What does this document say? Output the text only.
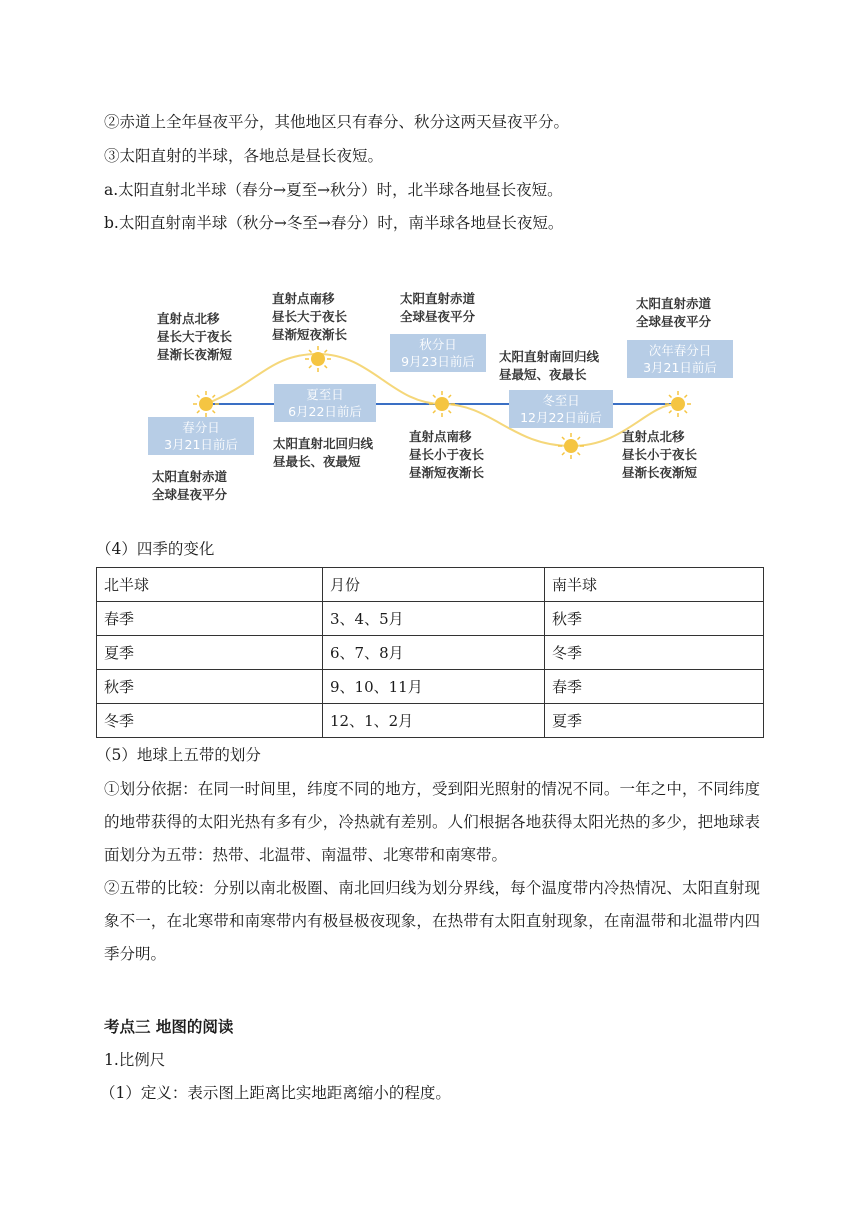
②赤道上全年昼夜平分，其他地区只有春分、秋分这两天昼夜平分。
③太阳直射的半球，各地总是昼长夜短。
a.太阳直射北半球（春分→夏至→秋分）时，北半球各地昼长夜短。
b.太阳直射南半球（秋分→冬至→春分）时，南半球各地昼长夜短。
春分日
3月21日前后
夏至日
6月22日前后
秋分日
9月23日前后
冬至日
12月22日前后
次年春分日
3月21日前后
直射点北移
昼长大于夜长
昼渐长夜渐短
直射点南移
昼长大于夜长
昼渐短夜渐长
太阳直射赤道
全球昼夜平分
太阳直射南回归线
昼最短、夜最长
太阳直射赤道
全球昼夜平分
太阳直射赤道
全球昼夜平分
太阳直射北回归线
昼最长、夜最短
直射点南移
昼长小于夜长
昼渐短夜渐长
直射点北移
昼长小于夜长
昼渐长夜渐短
（4）四季的变化
北半球	月份	南半球
春季	3、4、5月	秋季
夏季	6、7、8月	冬季
秋季	9、10、11月	春季
冬季	12、1、2月	夏季
（5）地球上五带的划分
①划分依据：在同一时间里，纬度不同的地方，受到阳光照射的情况不同。一年之中，不同纬度的地带获得的太阳光热有多有少，冷热就有差别。人们根据各地获得太阳光热的多少，把地球表面划分为五带：热带、北温带、南温带、北寒带和南寒带。
②五带的比较：分别以南北极圈、南北回归线为划分界线，每个温度带内冷热情况、太阳直射现象不一，在北寒带和南寒带内有极昼极夜现象，在热带有太阳直射现象，在南温带和北温带内四季分明。
考点三 地图的阅读
1.比例尺
（1）定义：表示图上距离比实地距离缩小的程度。
